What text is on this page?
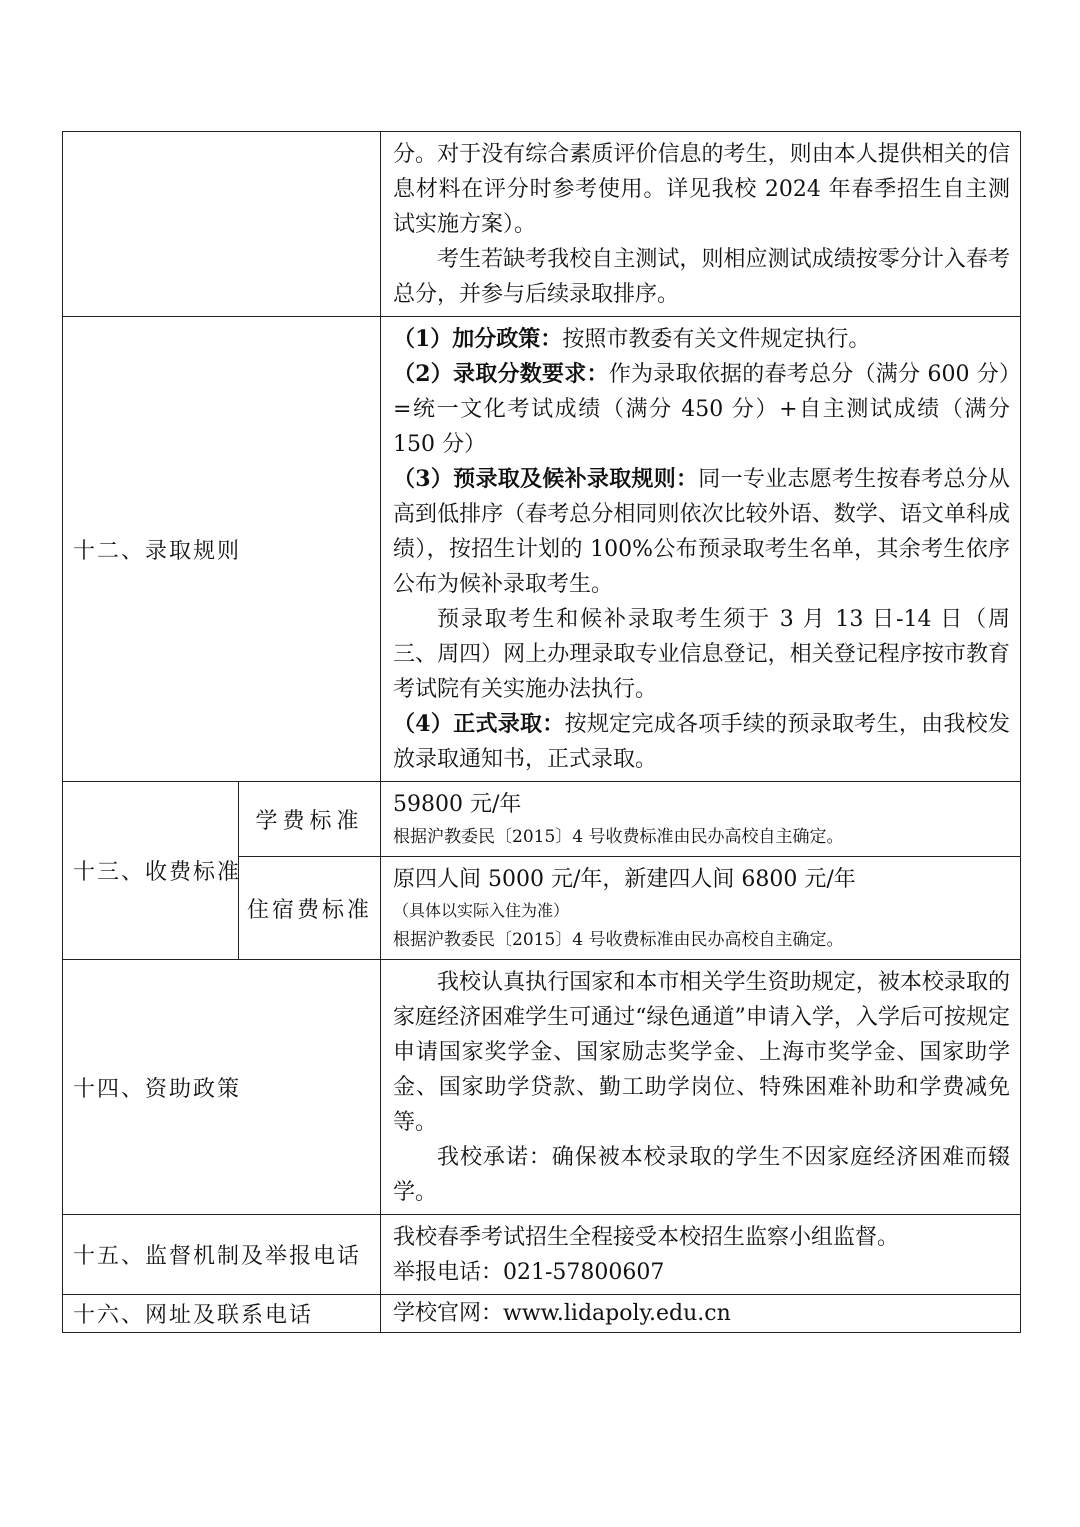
		分。对于没有综合素质评价信息的考生，则由本人提供相关的信息材料在评分时参考使用。详见我校 2024 年春季招生自主测试实施方案）。

考生若缺考我校自主测试，则相应测试成绩按零分计入春考总分，并参与后续录取排序。

十二、录取规则		（1）加分政策：按照市教委有关文件规定执行。

（2）录取分数要求：作为录取依据的春考总分（满分 600 分）=统一文化考试成绩（满分 450 分）+自主测试成绩（满分 150 分）

（3）预录取及候补录取规则：同一专业志愿考生按春考总分从高到低排序（春考总分相同则依次比较外语、数学、语文单科成绩），按招生计划的 100%公布预录取考生名单，其余考生依序公布为候补录取考生。

预录取考生和候补录取考生须于 3 月 13 日-14 日（周三、周四）网上办理录取专业信息登记，相关登记程序按市教育考试院有关实施办法执行。

（4）正式录取：按规定完成各项手续的预录取考生，由我校发放录取通知书，正式录取。

十三、收费标准	学费标准	59800 元/年

根据沪教委民〔2015〕4 号收费标准由民办高校自主确定。

	住宿费标准	原四人间 5000 元/年，新建四人间 6800 元/年

（具体以实际入住为准）

根据沪教委民〔2015〕4 号收费标准由民办高校自主确定。

十四、资助政策		我校认真执行国家和本市相关学生资助规定，被本校录取的家庭经济困难学生可通过“绿色通道”申请入学，入学后可按规定申请国家奖学金、国家励志奖学金、上海市奖学金、国家助学金、国家助学贷款、勤工助学岗位、特殊困难补助和学费减免等。

我校承诺：确保被本校录取的学生不因家庭经济困难而辍学。

十五、监督机制及举报电话		我校春季考试招生全程接受本校招生监察小组监督。

举报电话：021-57800607

十六、网址及联系电话		学校官网：www.lidapoly.edu.cn
